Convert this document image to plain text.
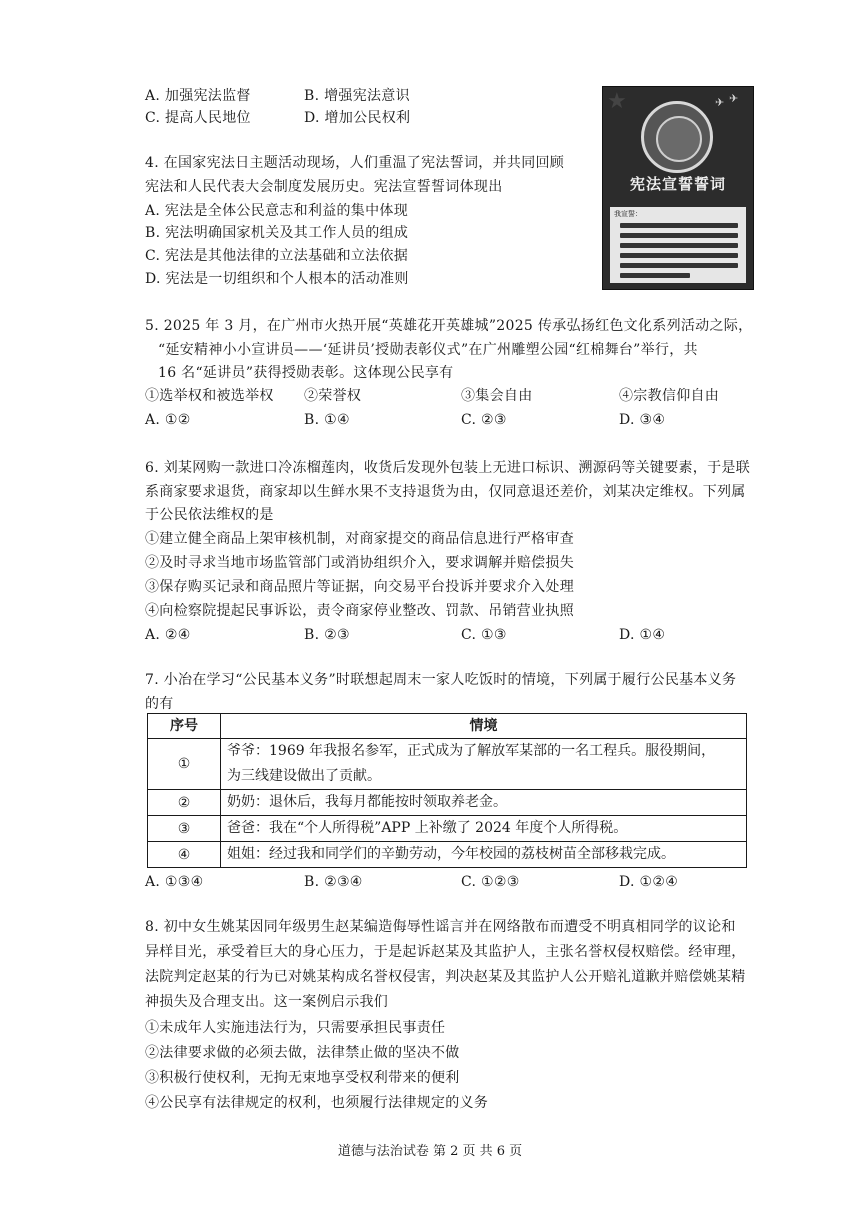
A. 加强宪法监督	B. 增强宪法意识
C. 提高人民地位	D. 增加公民权利
4. 在国家宪法日主题活动现场，人们重温了宪法誓词，并共同回顾
宪法和人民代表大会制度发展历史。宪法宣誓誓词体现出
A. 宪法是全体公民意志和利益的集中体现
B. 宪法明确国家机关及其工作人员的组成
C. 宪法是其他法律的立法基础和立法依据
D. 宪法是一切组织和个人根本的活动准则
★	✈ ✈
宪法宣誓誓词
我宣誓：
5. 2025 年 3 月，在广州市火热开展“英雄花开英雄城”2025 传承弘扬红色文化系列活动之际，
“延安精神小小宣讲员——‘延讲员’授勋表彰仪式”在广州雕塑公园“红棉舞台”举行，共
16 名“延讲员”获得授勋表彰。这体现公民享有
①选举权和被选举权 ②荣誉权	③集会自由	④宗教信仰自由
A. ①②	B. ①④	C. ②③	D. ③④
6. 刘某网购一款进口冷冻榴莲肉，收货后发现外包装上无进口标识、溯源码等关键要素，于是联
系商家要求退货，商家却以生鲜水果不支持退货为由，仅同意退还差价，刘某决定维权。下列属
于公民依法维权的是
①建立健全商品上架审核机制，对商家提交的商品信息进行严格审查
②及时寻求当地市场监管部门或消协组织介入，要求调解并赔偿损失
③保存购买记录和商品照片等证据，向交易平台投诉并要求介入处理
④向检察院提起民事诉讼，责令商家停业整改、罚款、吊销营业执照
A. ②④	B. ②③	C. ①③	D. ①④
7. 小冶在学习“公民基本义务”时联想起周末一家人吃饭时的情境，下列属于履行公民基本义务
的有
序号	情境
①	爷爷：1969 年我报名参军，正式成为了解放军某部的一名工程兵。服役期间，
为三线建设做出了贡献。

②	奶奶：退休后，我每月都能按时领取养老金。
③	爸爸：我在“个人所得税”APP 上补缴了 2024 年度个人所得税。
④	姐姐：经过我和同学们的辛勤劳动，今年校园的荔枝树苗全部移栽完成。
A. ①③④	B. ②③④	C. ①②③	D. ①②④
8. 初中女生姚某因同年级男生赵某编造侮辱性谣言并在网络散布而遭受不明真相同学的议论和
异样目光，承受着巨大的身心压力，于是起诉赵某及其监护人，主张名誉权侵权赔偿。经审理，
法院判定赵某的行为已对姚某构成名誉权侵害，判决赵某及其监护人公开赔礼道歉并赔偿姚某精
神损失及合理支出。这一案例启示我们
①未成年人实施违法行为，只需要承担民事责任
②法律要求做的必须去做，法律禁止做的坚决不做
③积极行使权利，无拘无束地享受权利带来的便利
④公民享有法律规定的权利，也须履行法律规定的义务
道德与法治试卷 第 2 页 共 6 页
